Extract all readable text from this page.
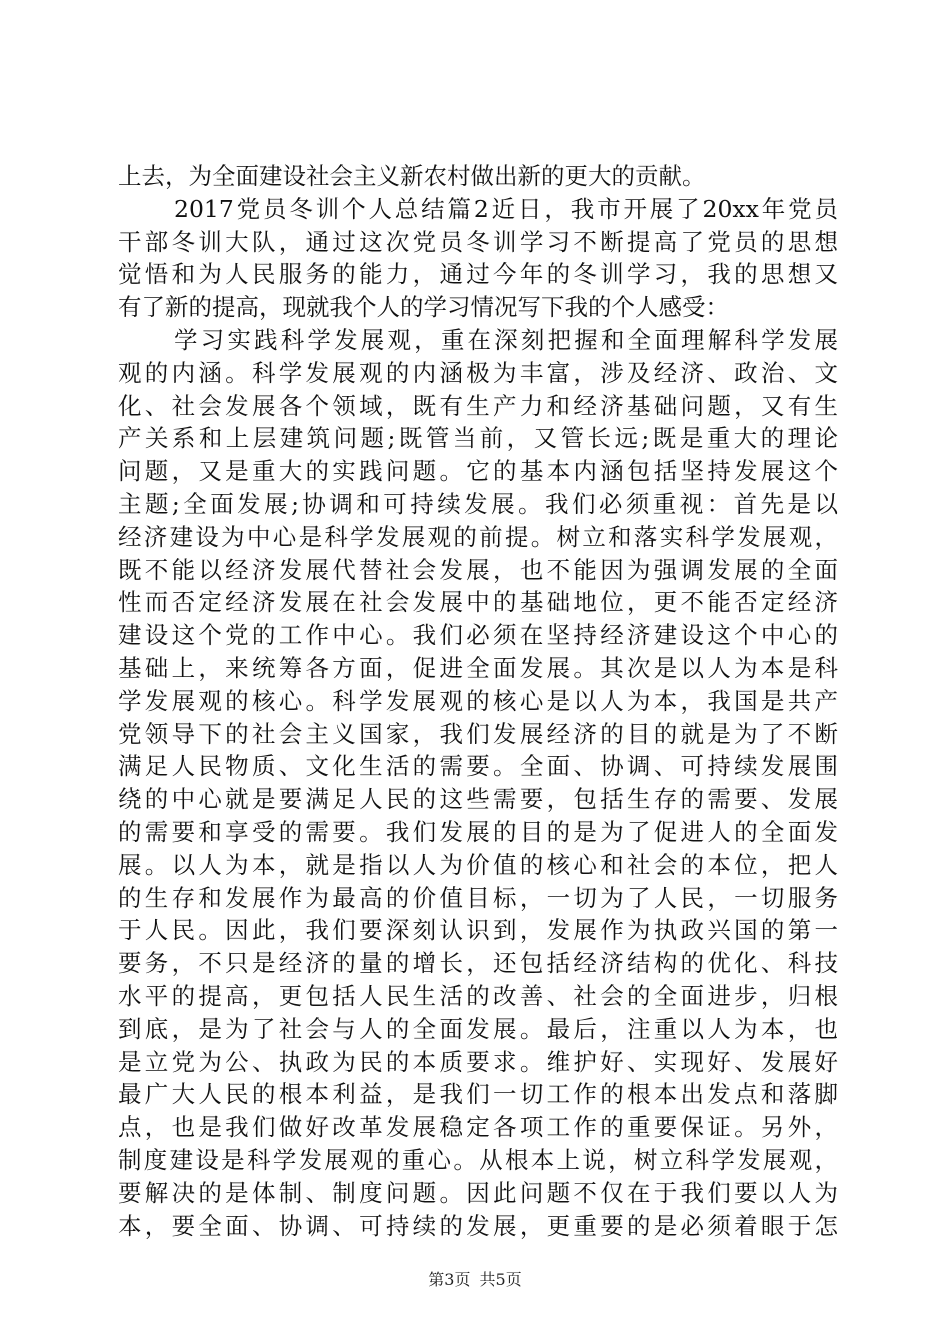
上去，为全面建设社会主义新农村做出新的更大的贡献。
2017党员冬训个人总结篇2近日，我市开展了20xx年党员
干部冬训大队，通过这次党员冬训学习不断提高了党员的思想
觉悟和为人民服务的能力，通过今年的冬训学习，我的思想又
有了新的提高，现就我个人的学习情况写下我的个人感受：
学习实践科学发展观，重在深刻把握和全面理解科学发展
观的内涵。科学发展观的内涵极为丰富，涉及经济、政治、文
化、社会发展各个领域，既有生产力和经济基础问题，又有生
产关系和上层建筑问题;既管当前，又管长远;既是重大的理论
问题，又是重大的实践问题。它的基本内涵包括坚持发展这个
主题;全面发展;协调和可持续发展。我们必须重视：首先是以
经济建设为中心是科学发展观的前提。树立和落实科学发展观，
既不能以经济发展代替社会发展，也不能因为强调发展的全面
性而否定经济发展在社会发展中的基础地位，更不能否定经济
建设这个党的工作中心。我们必须在坚持经济建设这个中心的
基础上，来统筹各方面，促进全面发展。其次是以人为本是科
学发展观的核心。科学发展观的核心是以人为本，我国是共产
党领导下的社会主义国家，我们发展经济的目的就是为了不断
满足人民物质、文化生活的需要。全面、协调、可持续发展围
绕的中心就是要满足人民的这些需要，包括生存的需要、发展
的需要和享受的需要。我们发展的目的是为了促进人的全面发
展。以人为本，就是指以人为价值的核心和社会的本位，把人
的生存和发展作为最高的价值目标，一切为了人民，一切服务
于人民。因此，我们要深刻认识到，发展作为执政兴国的第一
要务，不只是经济的量的增长，还包括经济结构的优化、科技
水平的提高，更包括人民生活的改善、社会的全面进步，归根
到底，是为了社会与人的全面发展。最后，注重以人为本，也
是立党为公、执政为民的本质要求。维护好、实现好、发展好
最广大人民的根本利益，是我们一切工作的根本出发点和落脚
点，也是我们做好改革发展稳定各项工作的重要保证。另外，
制度建设是科学发展观的重心。从根本上说，树立科学发展观，
要解决的是体制、制度问题。因此问题不仅在于我们要以人为
本，要全面、协调、可持续的发展，更重要的是必须着眼于怎
第3页 共5页
